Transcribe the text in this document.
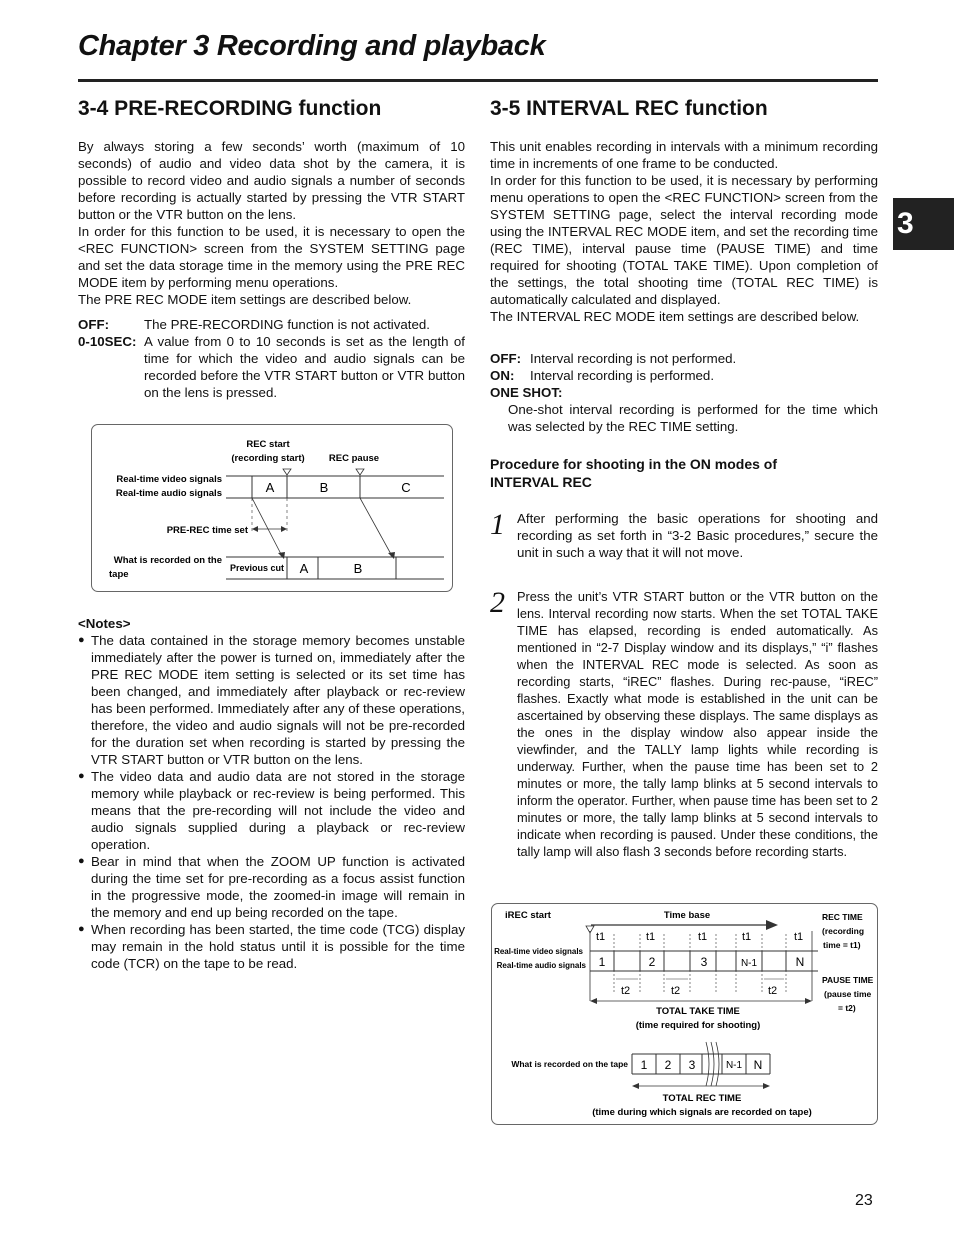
Chapter 3 Recording and playback
3
3-4 PRE-RECORDING function

By always storing a few seconds’ worth (maximum of 10 seconds) of audio and video data shot by the camera, it is possible to record video and audio signals a number of seconds before recording is actually started by pressing the VTR START button or the VTR button on the lens.

In order for this function to be used, it is necessary to open the <REC FUNCTION> screen from the SYSTEM SETTING page and set the data storage time in the memory using the PRE REC MODE item by performing menu operations.

The PRE REC MODE item settings are described below.

OFF:	The PRE-RECORDING function is not activated.
0-10SEC: A value from 0 to 10 seconds is set as the length of time for which the video and audio signals can be recorded before the VTR START button or VTR button on the lens is pressed.
REC start
(recording start)	REC pause
Real-time video signals
Real-time audio signals	A	B	C
PRE-REC time set
What is recorded on the
tape
Previous cut A	B
<Notes>
● The data contained in the storage memory becomes unstable immediately after the power is turned on, immediately after the PRE REC MODE item setting is selected or its set time has been changed, and immediately after playback or rec-review has been performed. Immediately after any of these operations, therefore, the video and audio signals will not be pre-recorded for the duration set when recording is started by pressing the VTR START button or VTR button on the lens.
● The video data and audio data are not stored in the storage memory while playback or rec-review is being performed. This means that the pre-recording will not include the video and audio signals supplied during a playback or rec-review operation.
● Bear in mind that when the ZOOM UP function is activated during the time set for pre-recording as a focus assist function in the progressive mode, the zoomed-in image will remain in the memory and end up being recorded on the tape.
● When recording has been started, the time code (TCG) display may remain in the hold status until it is possible for the time code (TCR) on the tape to be read.
3-5 INTERVAL REC function

This unit enables recording in intervals with a minimum recording time in increments of one frame to be conducted.

In order for this function to be used, it is necessary by performing menu operations to open the <REC FUNCTION> screen from the SYSTEM SETTING page, select the interval recording mode using the INTERVAL REC MODE item, and set the recording time (REC TIME), interval pause time (PAUSE TIME) and time required for shooting (TOTAL TAKE TIME). Upon completion of the settings, the total shooting time (TOTAL REC TIME) is automatically calculated and displayed.

The INTERVAL REC MODE item settings are described below.

OFF: Interval recording is not performed.
ON:	Interval recording is performed.
ONE SHOT:
One-shot interval recording is performed for the time which was selected by the REC TIME setting.
Procedure for shooting in the ON modes of
INTERVAL REC
1 After performing the basic operations for shooting and recording as set forth in “3-2 Basic procedures,” secure the unit in such a way that it will not move.
2 Press the unit’s VTR START button or the VTR button on the lens. Interval recording now starts. When the set TOTAL TAKE TIME has elapsed, recording is ended automatically. As mentioned in “2-7 Display window and its displays,” “i” flashes when the INTERVAL REC mode is selected. As soon as recording starts, “iREC” flashes. During rec-pause, “iREC” flashes. Exactly what mode is established in the unit can be ascertained by observing these displays. The same displays as the ones in the display window also appear inside the viewfinder, and the TALLY lamp lights while recording is underway. Further, when the pause time has been set to 2 minutes or more, the tally lamp blinks at 5 second intervals to inform the operator. Further, when pause time has been set to 2 minutes or more, the tally lamp blinks at 5 second intervals to indicate when recording is paused. Under these conditions, the tally lamp will also flash 3 seconds before recording starts.
iREC start	Time base	REC TIME
(recording
time = t1)
t1	t1	t1	t1	t1
Real-time video signals
Real-time audio signals 1	2	3	N-1	N
t2	t2	t2
PAUSE TIME
(pause time
= t2)
TOTAL TAKE TIME
(time required for shooting)
What is recorded on the tape 1 2 3	N-1 N
TOTAL REC TIME
(time during which signals are recorded on tape)
23
